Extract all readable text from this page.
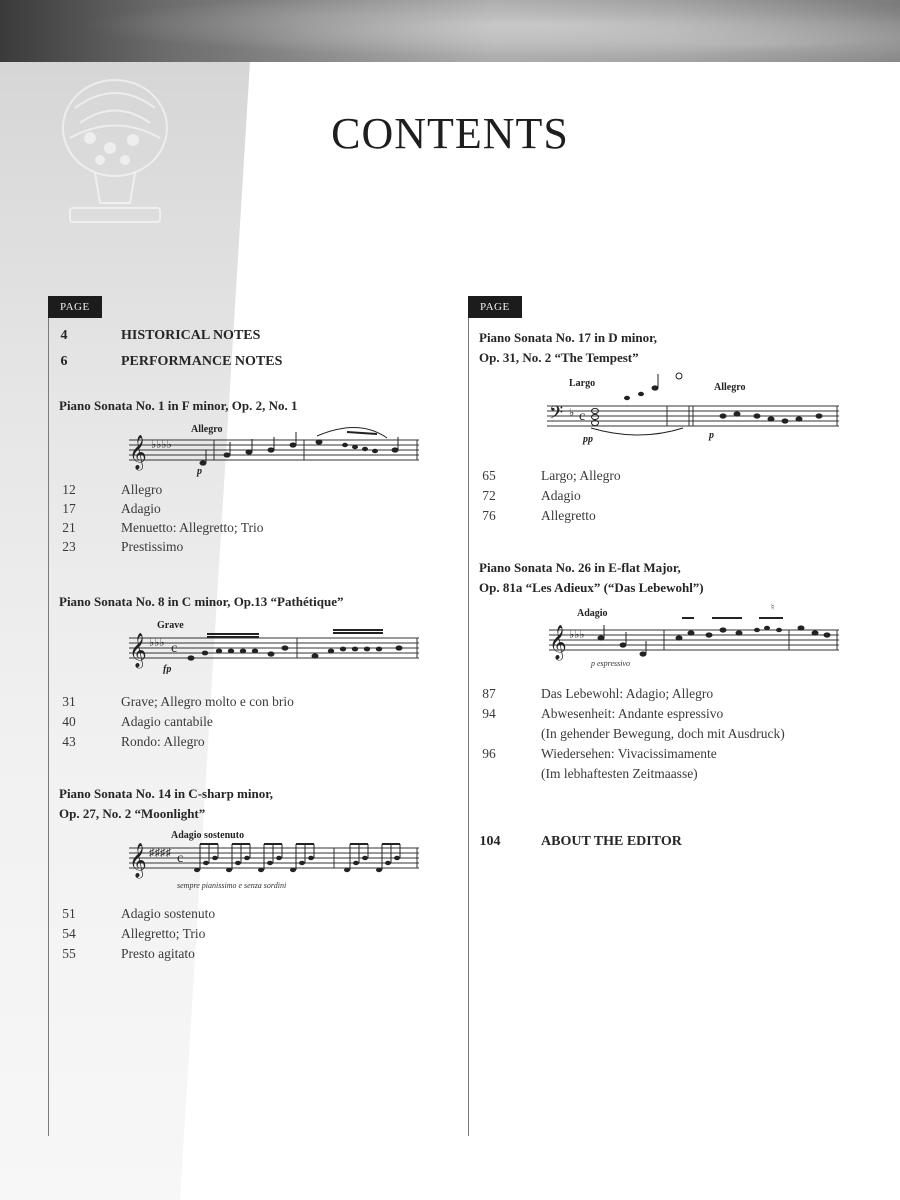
CONTENTS
PAGE
4	HISTORICAL NOTES
6	PERFORMANCE NOTES
Piano Sonata No. 1 in F minor, Op. 2, No. 1
𝄞 ♭♭♭♭
Allegro
p
12	Allegro
17	Adagio
21	Menuetto: Allegretto; Trio
23	Prestissimo
Piano Sonata No. 8 in C minor, Op.13 “Pathétique”
𝄞 ♭♭♭ c
Grave
fp
31	Grave; Allegro molto e con brio
40	Adagio cantabile
43	Rondo: Allegro
Piano Sonata No. 14 in C-sharp minor,
Op. 27, No. 2 “Moonlight”
𝄞 ♯♯♯♯ c
Adagio sostenuto
sempre pianissimo e senza sordini
51	Adagio sostenuto
54	Allegretto; Trio
55	Presto agitato
PAGE
Piano Sonata No. 17 in D minor,
Op. 31, No. 2 “The Tempest”
𝄢 ♭ c
Largo	Allegro
pp	p
65	Largo; Allegro
72	Adagio
76	Allegretto
Piano Sonata No. 26 in E-flat Major,
Op. 81a “Les Adieux” (“Das Lebewohl”)
𝄞 ♭♭♭
Adagio
p espressivo
♮
87	Das Lebewohl: Adagio; Allegro
94	Abwesenheit: Andante espressivo
(In gehender Bewegung, doch mit Ausdruck)
96	Wiedersehen: Vivacissimamente
(Im lebhaftesten Zeitmaasse)
104	ABOUT THE EDITOR
